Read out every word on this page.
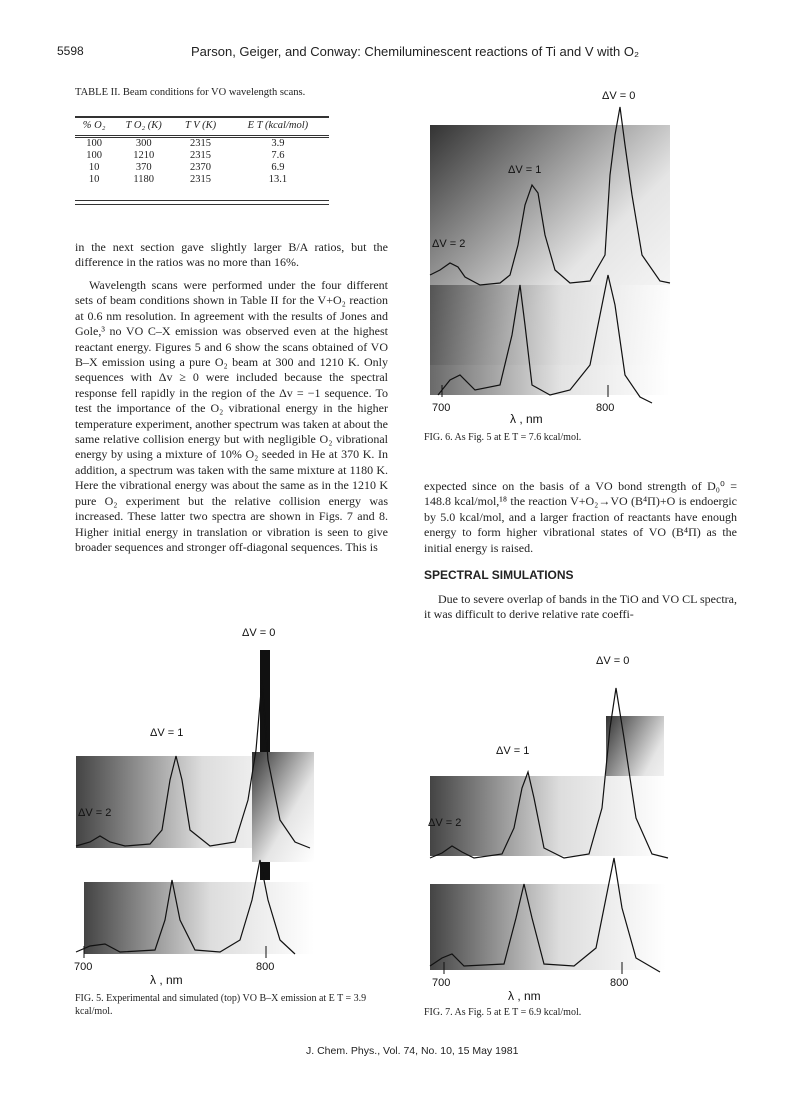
5598	Parson, Geiger, and Conway: Chemiluminescent reactions of Ti and V with O₂
TABLE II. Beam conditions for VO wavelength scans.
% O₂	T O₂ (K)	T V (K)	E T (kcal/mol)
100	300	2315	3.9
100	1210	2315	7.6
10	370	2370	6.9
10	1180	2315	13.1
in the next section gave slightly larger B/A ratios, but the difference in the ratios was no more than 16%.
Wavelength scans were performed under the four different sets of beam conditions shown in Table II for the V+O₂ reaction at 0.6 nm resolution. In agreement with the results of Jones and Gole,³ no VO C–X emission was observed even at the highest reactant energy. Figures 5 and 6 show the scans obtained of VO B–X emission using a pure O₂ beam at 300 and 1210 K. Only sequences with Δv ≥ 0 were included because the spectral response fell rapidly in the region of the Δv = −1 sequence. To test the importance of the O₂ vibrational energy in the higher temperature experiment, another spectrum was taken at about the same relative collision energy but with negligible O₂ vibrational energy by using a mixture of 10% O₂ seeded in He at 370 K. In addition, a spectrum was taken with the same mixture at 1180 K. Here the vibrational energy was about the same as in the 1210 K pure O₂ experiment but the relative collision energy was increased. These latter two spectra are shown in Figs. 7 and 8. Higher initial energy in translation or vibration is seen to give broader sequences and stronger off-diagonal sequences. This is
expected since on the basis of a VO bond strength of D₀⁰ = 148.8 kcal/mol,¹⁸ the reaction V+O₂→VO (B⁴Π)+O is endoergic by 5.0 kcal/mol, and a larger fraction of reactants have enough energy to form higher vibrational states of VO (B⁴Π) as the initial energy is raised.
SPECTRAL SIMULATIONS
Due to severe overlap of bands in the TiO and VO CL spectra, it was difficult to derive relative rate coeffi-
ΔV = 0
ΔV = 1
ΔV = 2
700	800
λ , nm
FIG. 6. As Fig. 5 at E T = 7.6 kcal/mol.
ΔV = 0
ΔV = 1
ΔV = 2
700	800
λ , nm
FIG. 5. Experimental and simulated (top) VO B–X emission at E T = 3.9 kcal/mol.
ΔV = 0
ΔV = 1
ΔV = 2
700	800
λ , nm
FIG. 7. As Fig. 5 at E T = 6.9 kcal/mol.
J. Chem. Phys., Vol. 74, No. 10, 15 May 1981
